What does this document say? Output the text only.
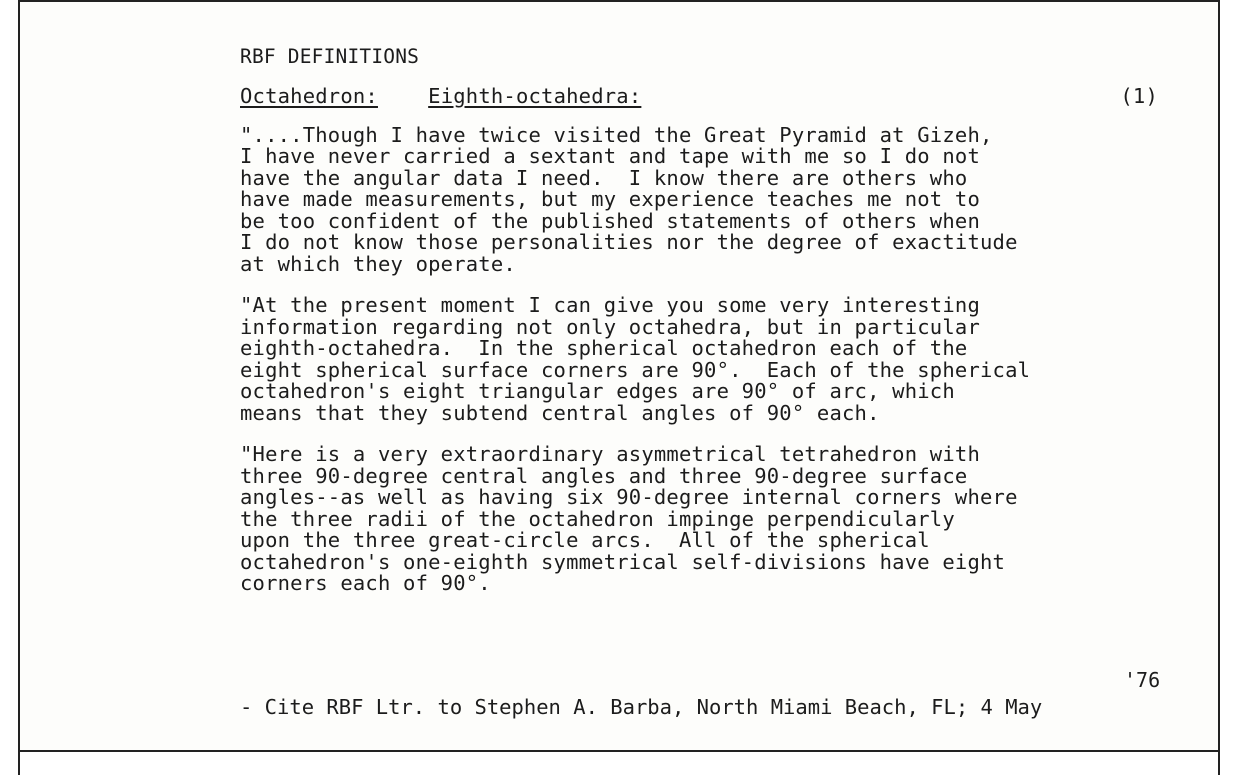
RBF DEFINITIONS
Octahedron: Eighth-octahedra:	(1)
"....Though I have twice visited the Great Pyramid at Gizeh,
I have never carried a sextant and tape with me so I do not
have the angular data I need.  I know there are others who
have made measurements, but my experience teaches me not to
be too confident of the published statements of others when
I do not know those personalities nor the degree of exactitude
at which they operate.
"At the present moment I can give you some very interesting
information regarding not only octahedra, but in particular
eighth-octahedra.  In the spherical octahedron each of the
eight spherical surface corners are 90°.  Each of the spherical
octahedron's eight triangular edges are 90° of arc, which
means that they subtend central angles of 90° each.
"Here is a very extraordinary asymmetrical tetrahedron with
three 90-degree central angles and three 90-degree surface
angles--as well as having six 90-degree internal corners where
the three radii of the octahedron impinge perpendicularly
upon the three great-circle arcs.  All of the spherical
octahedron's one-eighth symmetrical self-divisions have eight
corners each of 90°.
'76
- Cite RBF Ltr. to Stephen A. Barba, North Miami Beach, FL; 4 May
